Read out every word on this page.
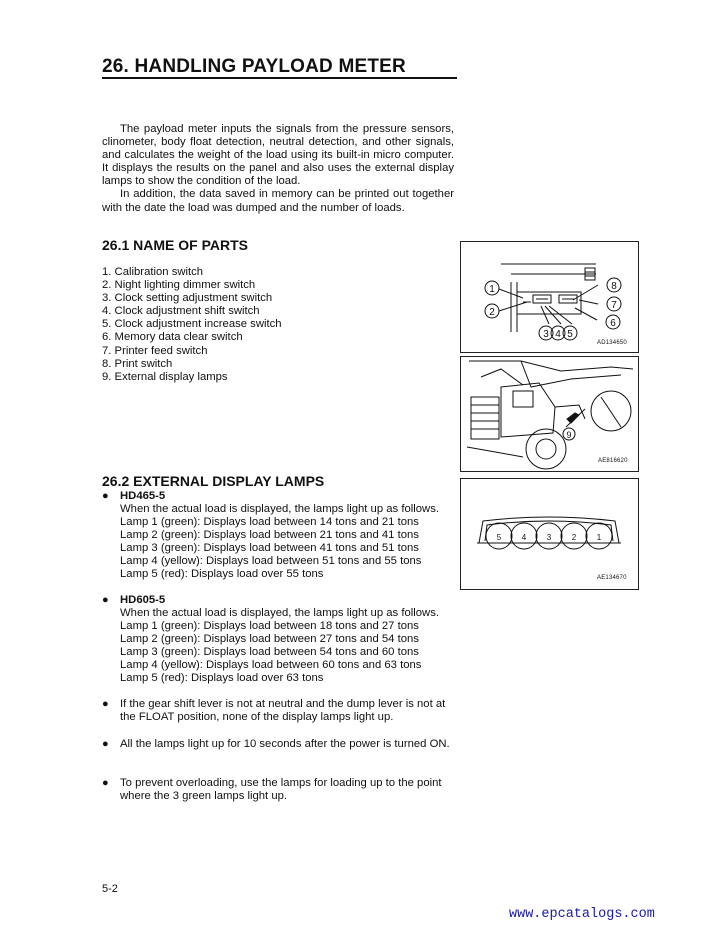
26. HANDLING PAYLOAD METER

The payload meter inputs the signals from the pressure sensors, clinometer, body float detection, neutral detection, and other signals, and calculates the weight of the load using its built-in micro computer. It displays the results on the panel and also uses the external display lamps to show the condition of the load.

In addition, the data saved in memory can be printed out together with the date the load was dumped and the number of loads.

26.1 NAME OF PARTS
1. Calibration switch
2. Night lighting dimmer switch
3. Clock setting adjustment switch
4. Clock adjustment shift switch
5. Clock adjustment increase switch
6. Memory data clear switch
7. Printer feed switch
8. Print switch
9. External display lamps
26.2 EXTERNAL DISPLAY LAMPS
●	HD465-5
When the actual load is displayed, the lamps light up as follows.
Lamp 1 (green): Displays load between 14 tons and 21 tons
Lamp 2 (green): Displays load between 21 tons and 41 tons
Lamp 3 (green): Displays load between 41 tons and 51 tons
Lamp 4 (yellow): Displays load between 51 tons and 55 tons
Lamp 5 (red): Displays load over 55 tons
●	HD605-5
When the actual load is displayed, the lamps light up as follows.
Lamp 1 (green): Displays load between 18 tons and 27 tons
Lamp 2 (green): Displays load between 27 tons and 54 tons
Lamp 3 (green): Displays load between 54 tons and 60 tons
Lamp 4 (yellow): Displays load between 60 tons and 63 tons
Lamp 5 (red): Displays load over 63 tons
●	If the gear shift lever is not at neutral and the dump lever is not at the FLOAT position, none of the display lamps light up.
●	All the lamps light up for 10 seconds after the power is turned ON.
●	To prevent overloading, use the lamps for loading up to the point where the 3 green lamps light up.
1
2
3 4 5
6
7
8
AD134650
9
AE816620
5	4	3	2	1
AE134670
5-2
www.epcatalogs.com
